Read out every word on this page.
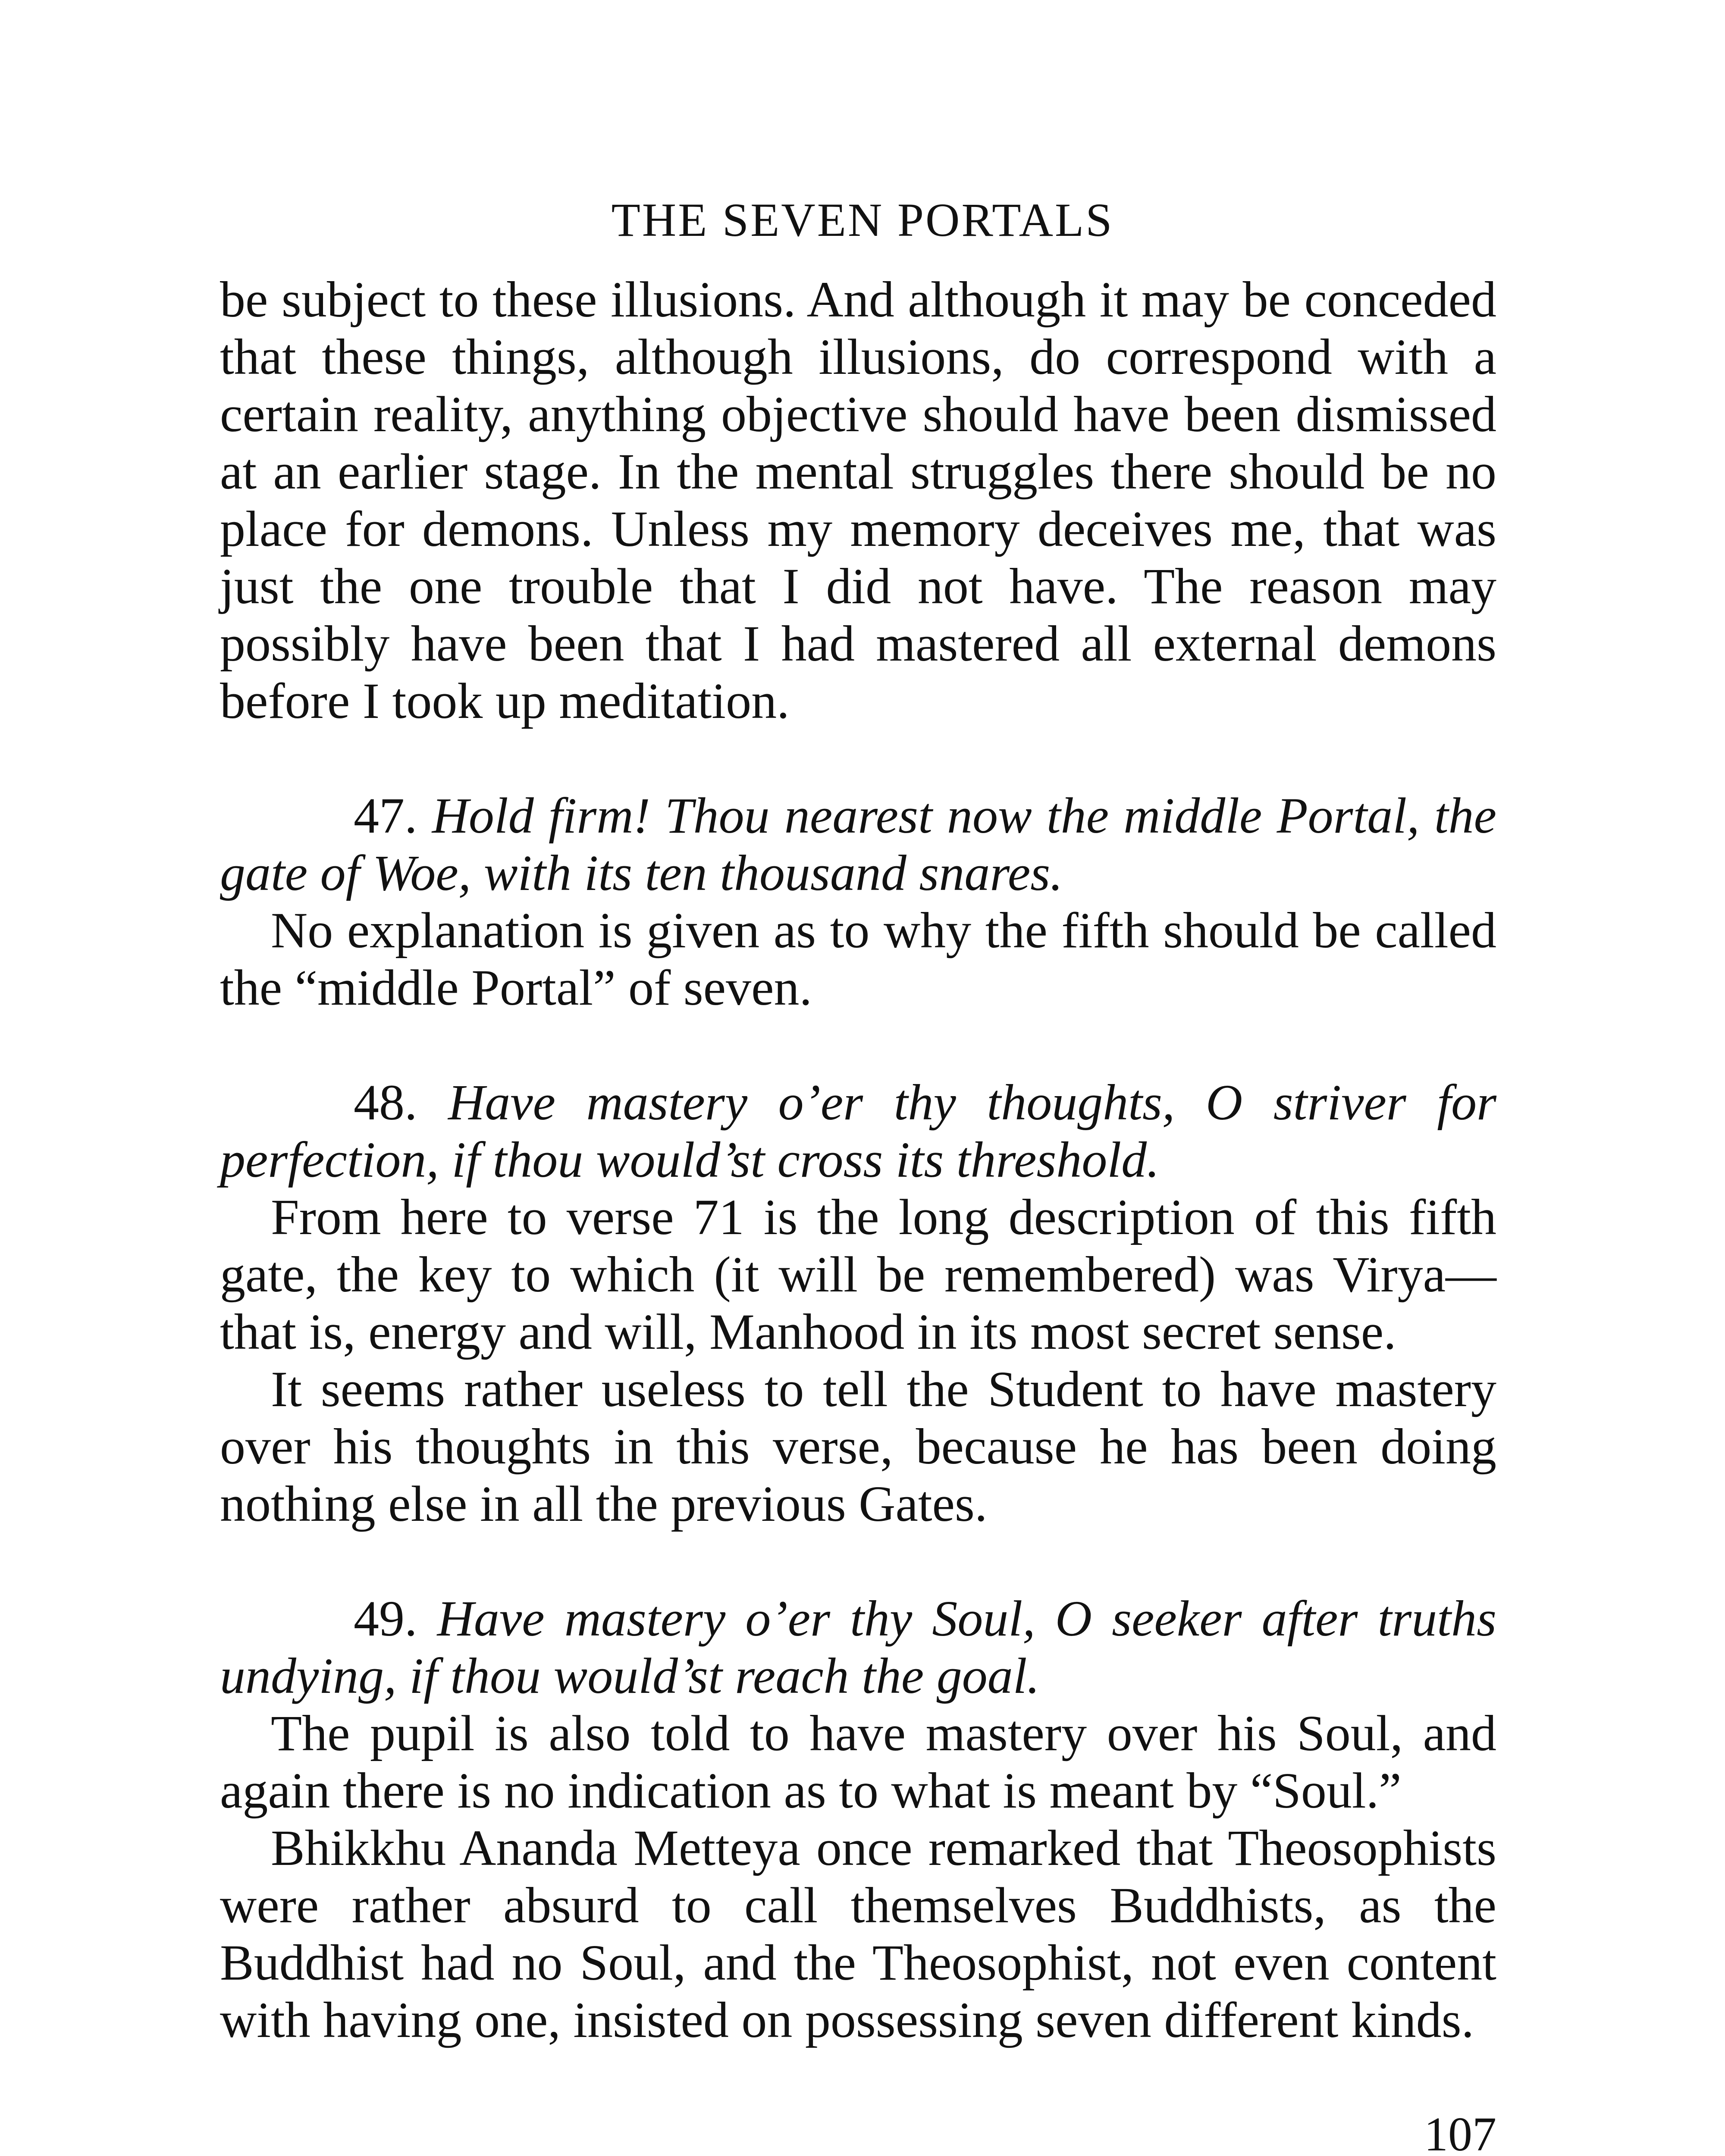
THE SEVEN PORTALS

be subject to these illusions. And although it may be conceded that these things, although illusions, do correspond with a certain reality, anything objective should have been dismissed at an earlier stage. In the mental struggles there should be no place for demons. Unless my memory deceives me, that was just the one trouble that I did not have. The reason may possibly have been that I had mastered all external demons before I took up meditation.

47. Hold firm! Thou nearest now the middle Portal, the gate of Woe, with its ten thousand snares.

No explanation is given as to why the fifth should be called the “middle Portal” of seven.

48. Have mastery o’er thy thoughts, O striver for perfection, if thou would’st cross its threshold.

From here to verse 71 is the long description of this fifth gate, the key to which (it will be remembered) was Virya—that is, energy and will, Manhood in its most secret sense.

It seems rather useless to tell the Student to have mastery over his thoughts in this verse, because he has been doing nothing else in all the previous Gates.

49. Have mastery o’er thy Soul, O seeker after truths undying, if thou would’st reach the goal.

The pupil is also told to have mastery over his Soul, and again there is no indication as to what is meant by “Soul.”

Bhikkhu Ananda Metteya once remarked that Theosophists were rather absurd to call themselves Buddhists, as the Buddhist had no Soul, and the Theosophist, not even content with having one, insisted on possessing seven different kinds.

107
